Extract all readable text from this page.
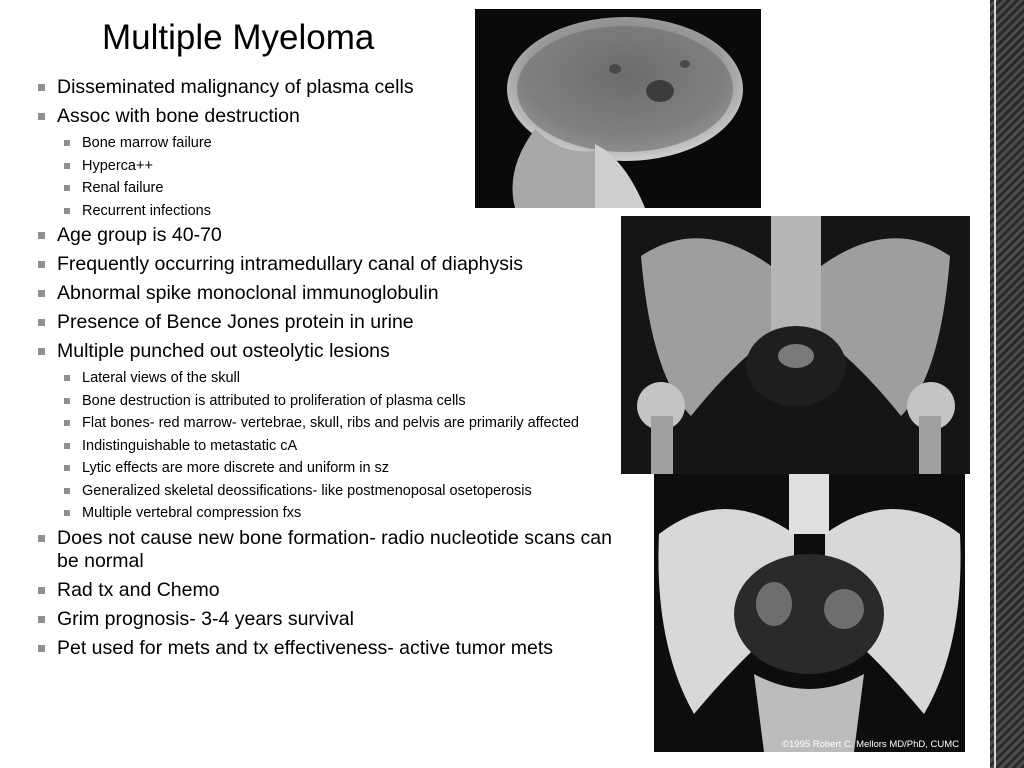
Multiple Myeloma
Disseminated malignancy of plasma cells
Assoc with bone destruction
Bone marrow failure
Hyperca++
Renal failure
Recurrent infections
Age group is 40-70
Frequently occurring intramedullary canal of diaphysis
Abnormal spike monoclonal immunoglobulin
Presence of Bence Jones protein in urine
Multiple punched out osteolytic lesions
Lateral views of the skull
Bone destruction is attributed to proliferation of plasma cells
Flat bones- red marrow- vertebrae, skull, ribs and pelvis are primarily affected
Indistinguishable to metastatic cA
Lytic effects are more discrete and uniform in sz
Generalized skeletal deossifications- like postmenoposal osetoperosis
Multiple vertebral compression fxs
Does not cause new bone formation- radio nucleotide scans can be normal
Rad tx and Chemo
Grim prognosis- 3-4 years survival
Pet used for mets and tx effectiveness- active tumor mets
©1995 Robert C. Mellors MD/PhD, CUMC
